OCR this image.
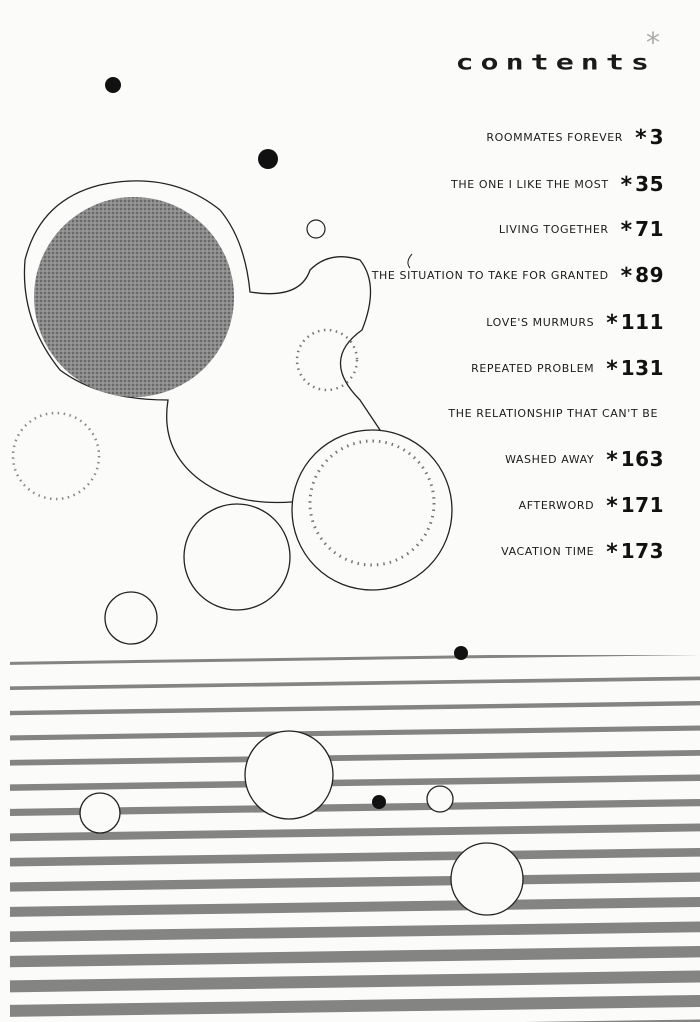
*
contents
ROOMMATES FOREVER * 3
THE ONE I LIKE THE MOST * 35
LIVING TOGETHER * 71
THE SITUATION TO TAKE FOR GRANTED * 89
LOVE'S MURMURS * 111
REPEATED PROBLEM * 131
THE RELATIONSHIP THAT CAN'T BE
WASHED AWAY * 163
AFTERWORD * 171
VACATION TIME * 173
